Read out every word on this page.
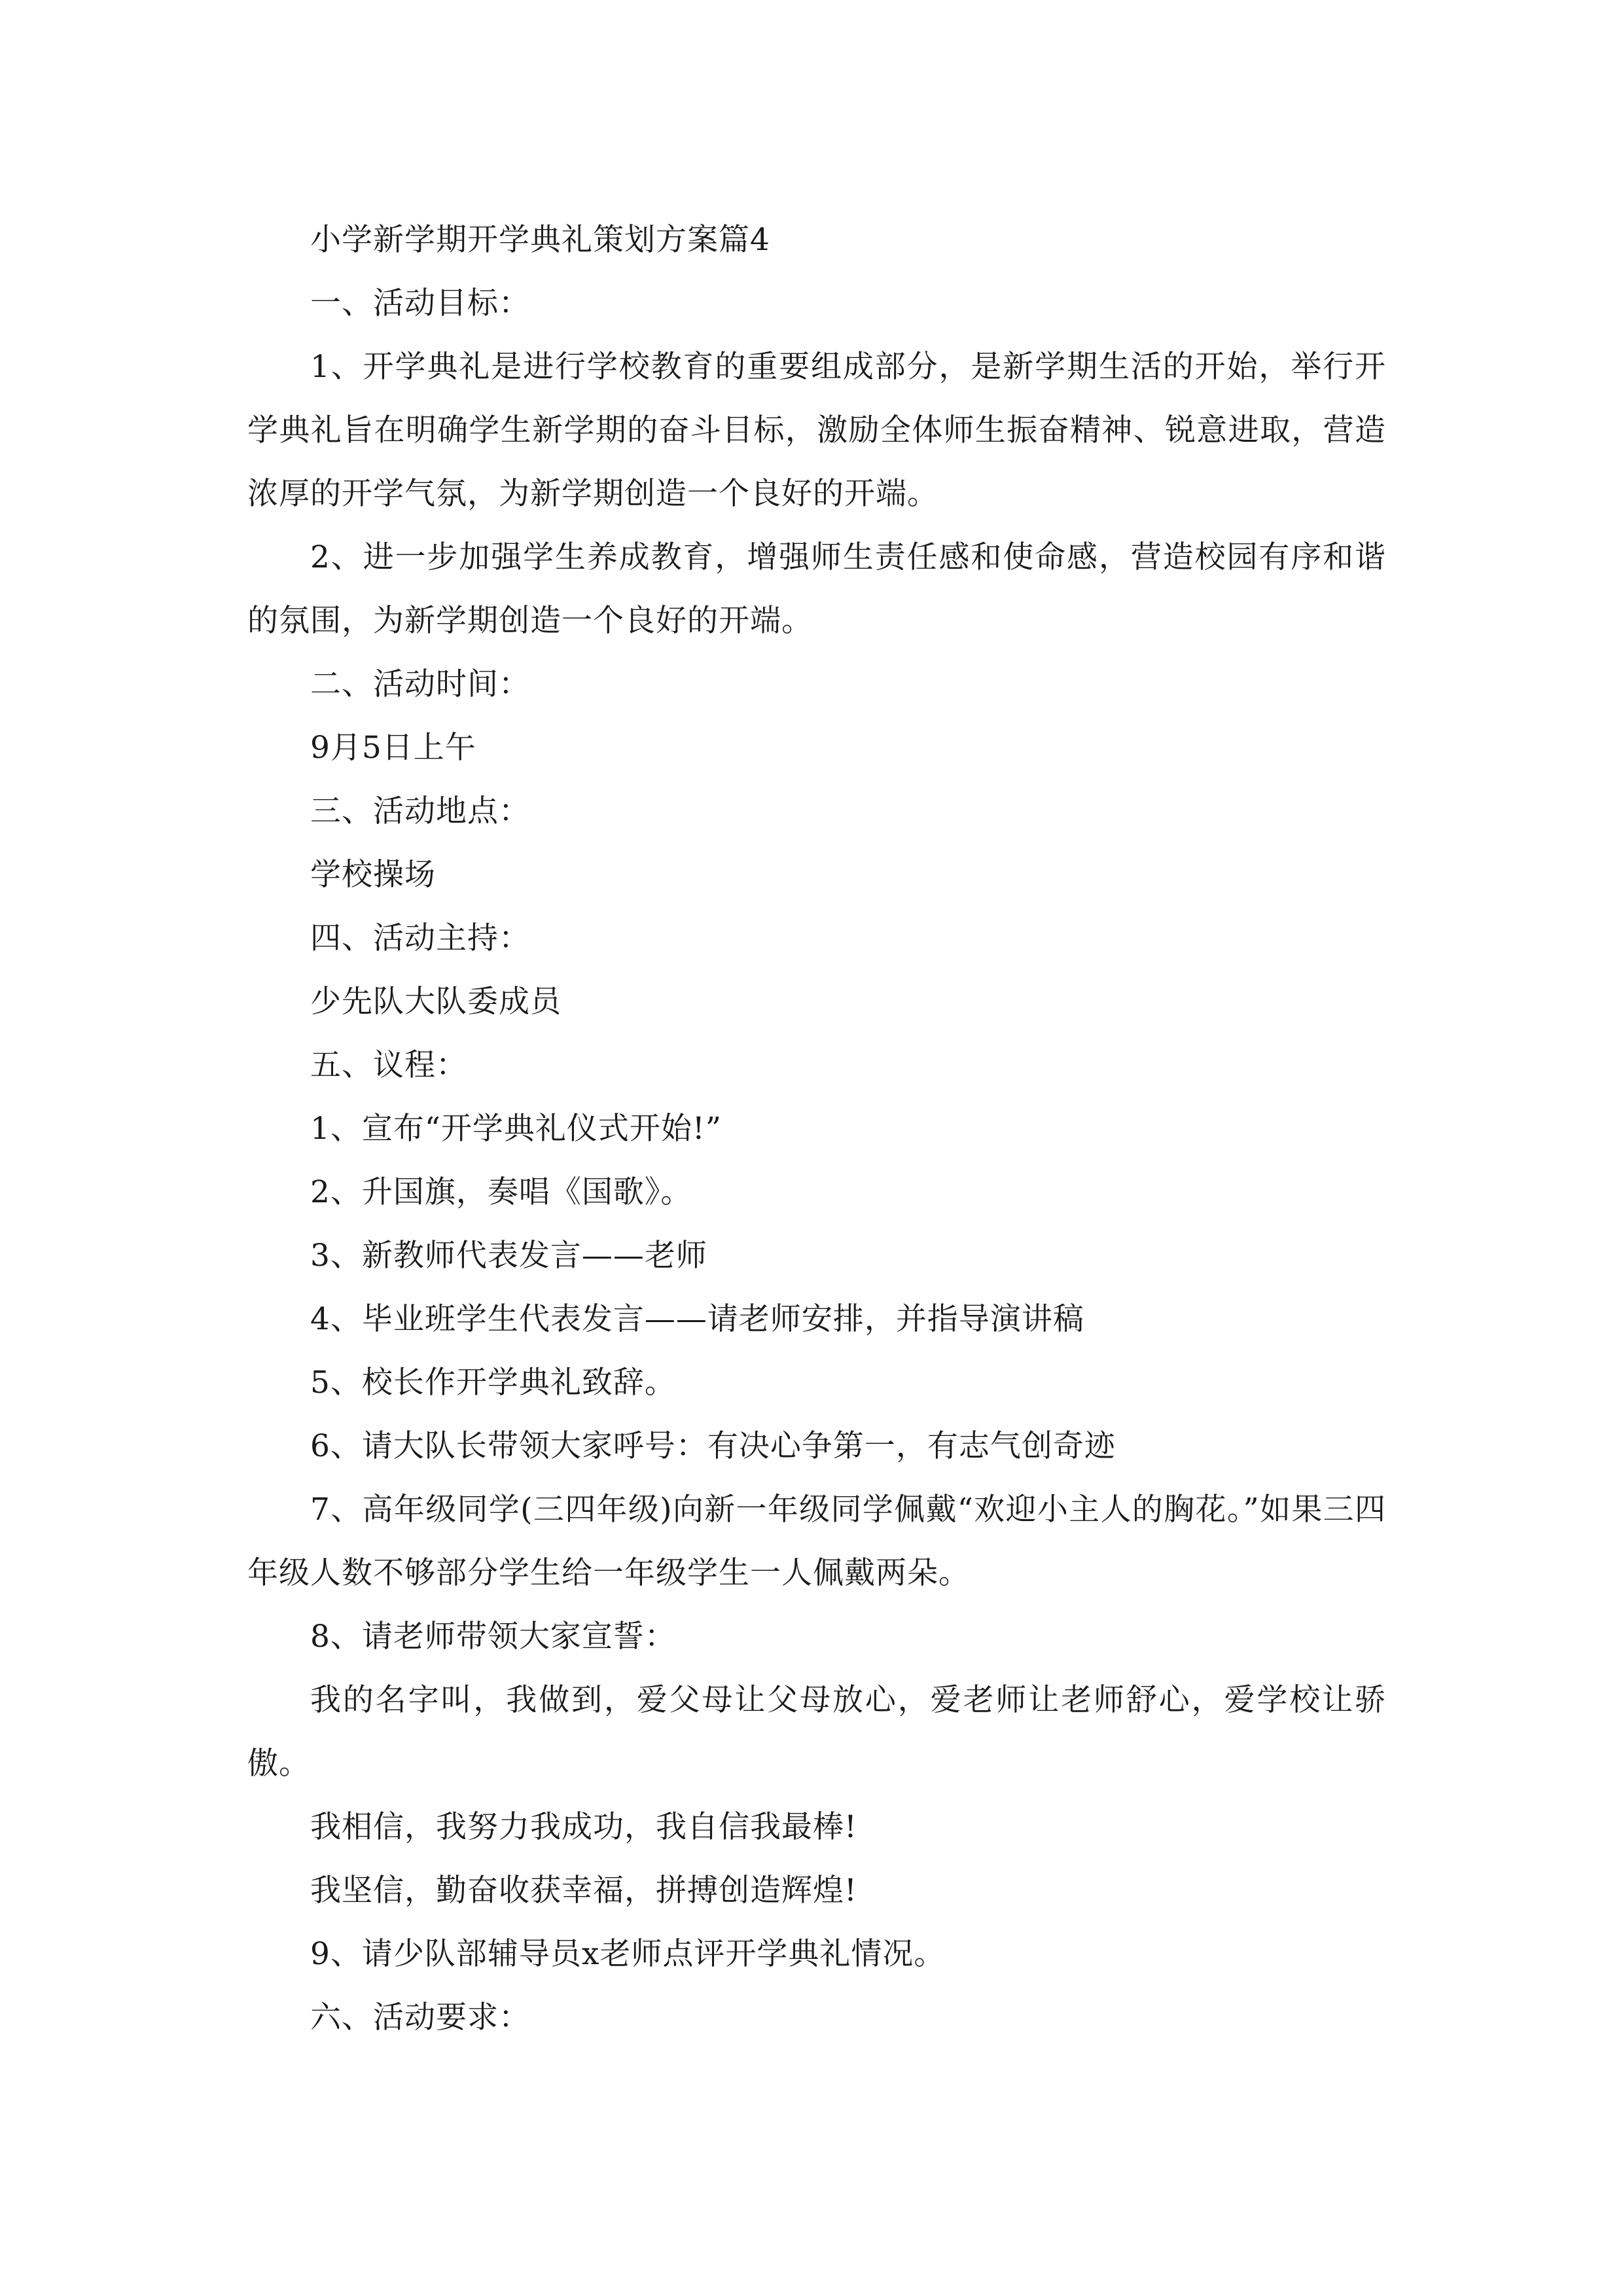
小学新学期开学典礼策划方案篇4

一、活动目标：

1、开学典礼是进行学校教育的重要组成部分，是新学期生活的开始，举行开学典礼旨在明确学生新学期的奋斗目标，激励全体师生振奋精神、锐意进取，营造浓厚的开学气氛，为新学期创造一个良好的开端。

2、进一步加强学生养成教育，增强师生责任感和使命感，营造校园有序和谐的氛围，为新学期创造一个良好的开端。

二、活动时间：

9月5日上午

三、活动地点：

学校操场

四、活动主持：

少先队大队委成员

五、议程：

1、宣布“开学典礼仪式开始!”

2、升国旗，奏唱《国歌》。

3、新教师代表发言——老师

4、毕业班学生代表发言——请老师安排，并指导演讲稿

5、校长作开学典礼致辞。

6、请大队长带领大家呼号：有决心争第一，有志气创奇迹

7、高年级同学(三四年级)向新一年级同学佩戴“欢迎小主人的胸花。”如果三四年级人数不够部分学生给一年级学生一人佩戴两朵。

8、请老师带领大家宣誓：

我的名字叫，我做到，爱父母让父母放心，爱老师让老师舒心，爱学校让骄傲。

我相信，我努力我成功，我自信我最棒!

我坚信，勤奋收获幸福，拼搏创造辉煌!

9、请少队部辅导员x老师点评开学典礼情况。

六、活动要求：
